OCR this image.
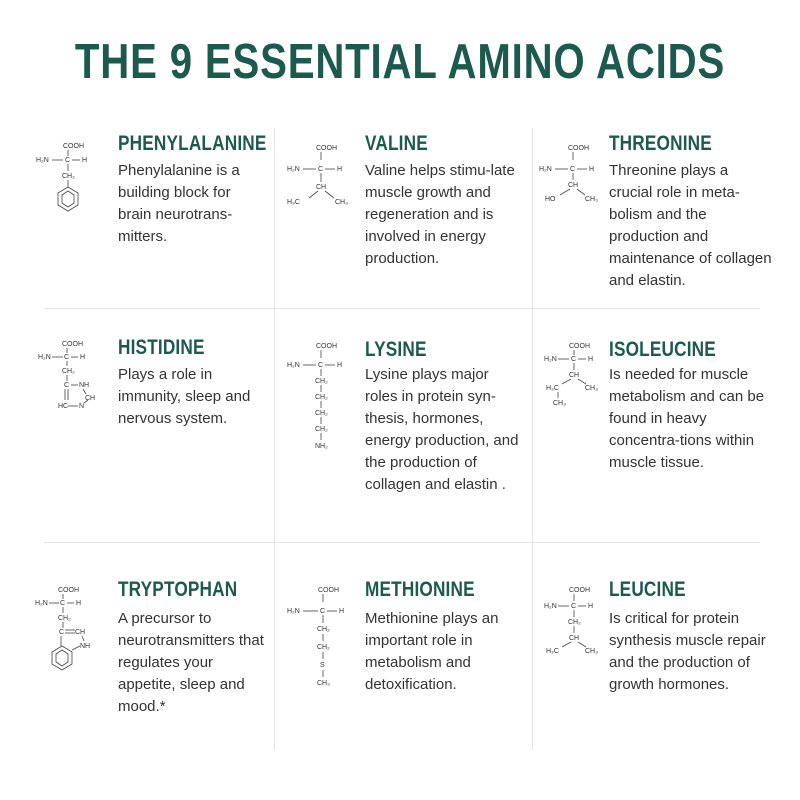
THE 9 ESSENTIAL AMINO ACIDS
COOH
H₂N C H
CH₂
PHENYLALANINE
Phenylalanine is a building block for brain neurotrans-mitters.
COOH
H₂N	C H
CH
H₃C	CH₃
VALINE
Valine helps stimu-late muscle growth and regeneration and is involved in energy production.
COOH
H₂N	C H
CH
HO	CH₃
THREONINE
Threonine plays a crucial role in meta-bolism and the production and maintenance of collagen and elastin.
COOH
H₂N C H
CH₂
C NH
CH
HC N
HISTIDINE
Plays a role in immunity, sleep and nervous system.
COOH
H₂N	C H
CH₂
CH₂
CH₂
CH₂
NH₂
LYSINE
Lysine plays major roles in protein syn-thesis, hormones, energy production, and the production of collagen and elastin .
COOH
H₂N C H
CH
H₃C	CH₃
CH₃
ISOLEUCINE
Is needed for muscle metabolism and can be found in heavy concentra-tions within muscle tissue.
COOH
H₂N C H
CH₂
C CH
NH
TRYPTOPHAN
A precursor to neurotransmitters that regulates your appetite, sleep and mood.*
COOH
H₂N	C H
CH₂
CH₂
S
CH₃
METHIONINE
Methionine plays an important role in metabolism and detoxification.
COOH
H₂N C H
CH₂
CH
H₃C	CH₃
LEUCINE
Is critical for protein synthesis muscle repair and the production of growth hormones.
